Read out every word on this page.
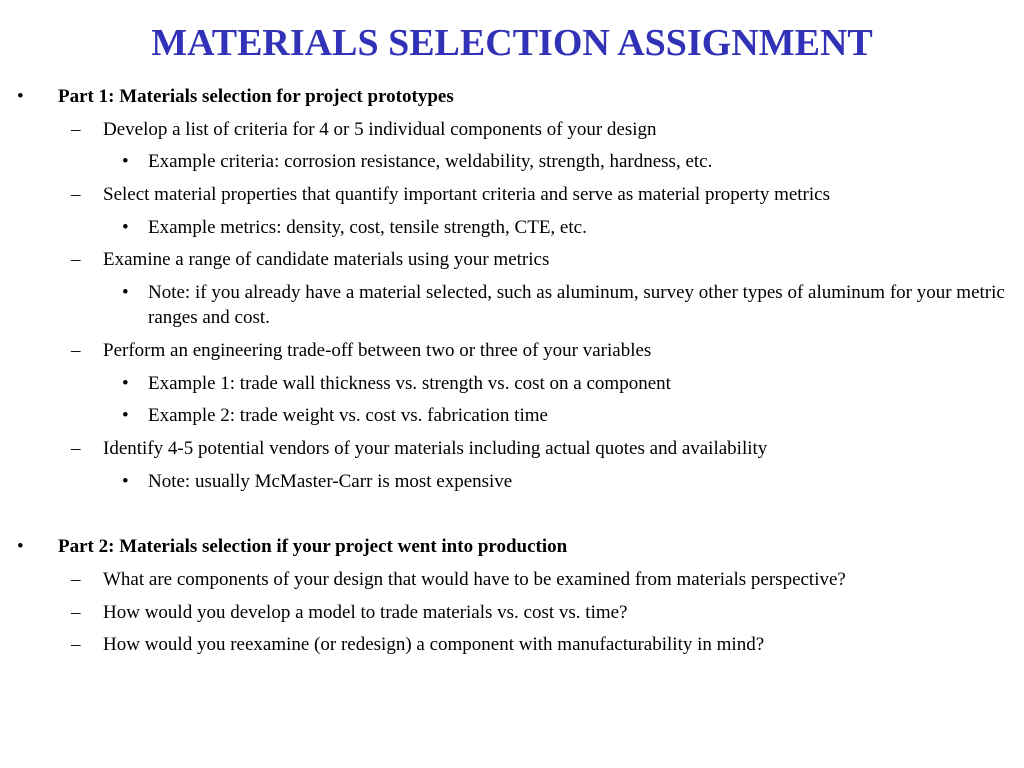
MATERIALS SELECTION ASSIGNMENT
• Part 1: Materials selection for project prototypes
– Develop a list of criteria for 4 or 5 individual components of your design
• Example criteria: corrosion resistance, weldability, strength, hardness, etc.
– Select material properties that quantify important criteria and serve as material property metrics
• Example metrics: density, cost, tensile strength, CTE, etc.
– Examine a range of candidate materials using your metrics
• Note: if you already have a material selected, such as aluminum, survey other types of aluminum for your metric ranges and cost.
– Perform an engineering trade-off between two or three of your variables
• Example 1: trade wall thickness vs. strength vs. cost on a component
• Example 2: trade weight vs. cost vs. fabrication time
– Identify 4-5 potential vendors of your materials including actual quotes and availability
• Note: usually McMaster-Carr is most expensive
• Part 2: Materials selection if your project went into production
– What are components of your design that would have to be examined from materials perspective?
– How would you develop a model to trade materials vs. cost vs. time?
– How would you reexamine (or redesign) a component with manufacturability in mind?
